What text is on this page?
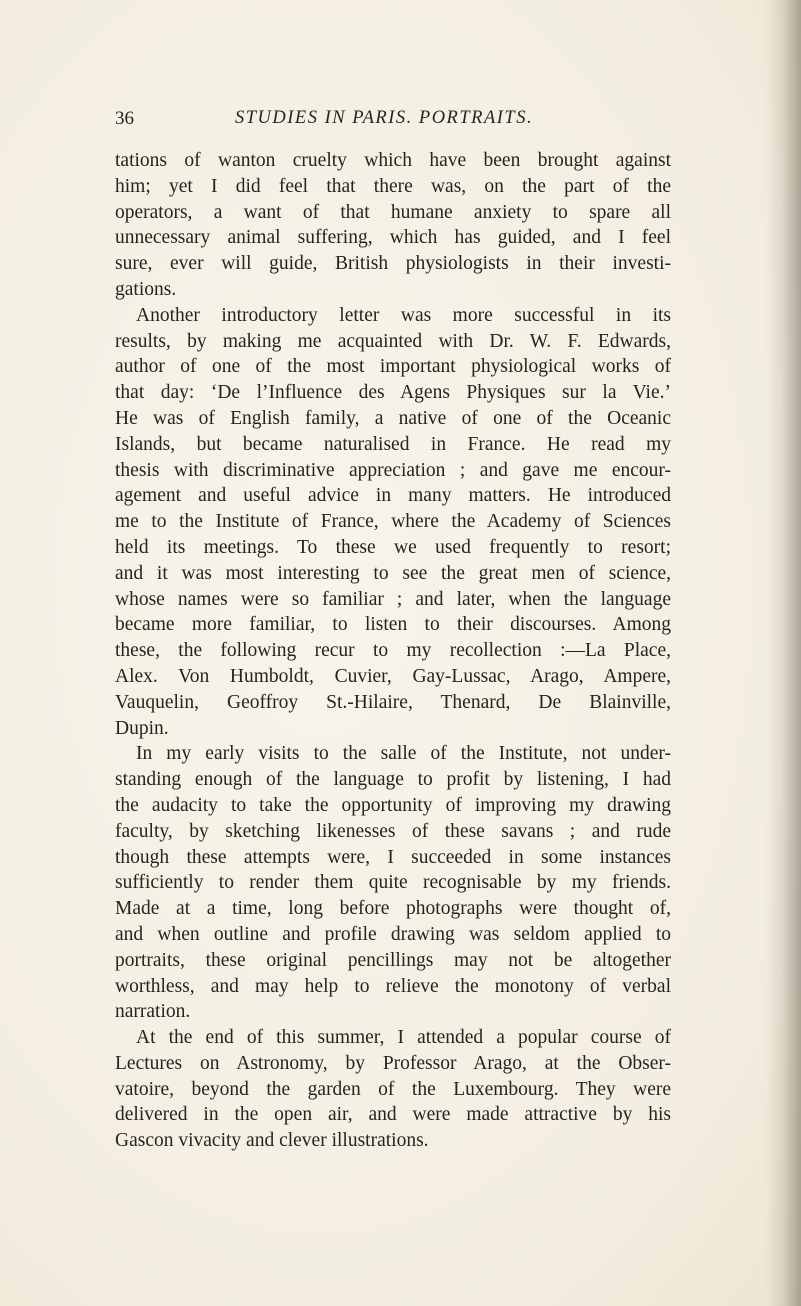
36	STUDIES IN PARIS. PORTRAITS.
tations of wanton cruelty which have been brought against
him; yet I did feel that there was, on the part of the
operators, a want of that humane anxiety to spare all
unnecessary animal suffering, which has guided, and I feel
sure, ever will guide, British physiologists in their investi-
gations.
Another introductory letter was more successful in its
results, by making me acquainted with Dr. W. F. Edwards,
author of one of the most important physiological works of
that day: ‘De l’Influence des Agens Physiques sur la Vie.’
He was of English family, a native of one of the Oceanic
Islands, but became naturalised in France. He read my
thesis with discriminative appreciation ; and gave me encour-
agement and useful advice in many matters. He introduced
me to the Institute of France, where the Academy of Sciences
held its meetings. To these we used frequently to resort;
and it was most interesting to see the great men of science,
whose names were so familiar ; and later, when the language
became more familiar, to listen to their discourses. Among
these, the following recur to my recollection :—La Place,
Alex. Von Humboldt, Cuvier, Gay-Lussac, Arago, Ampere,
Vauquelin, Geoffroy St.-Hilaire, Thenard, De Blainville,
Dupin.
In my early visits to the salle of the Institute, not under-
standing enough of the language to profit by listening, I had
the audacity to take the opportunity of improving my drawing
faculty, by sketching likenesses of these savans ; and rude
though these attempts were, I succeeded in some instances
sufficiently to render them quite recognisable by my friends.
Made at a time, long before photographs were thought of,
and when outline and profile drawing was seldom applied to
portraits, these original pencillings may not be altogether
worthless, and may help to relieve the monotony of verbal
narration.
At the end of this summer, I attended a popular course of
Lectures on Astronomy, by Professor Arago, at the Obser-
vatoire, beyond the garden of the Luxembourg. They were
delivered in the open air, and were made attractive by his
Gascon vivacity and clever illustrations.
